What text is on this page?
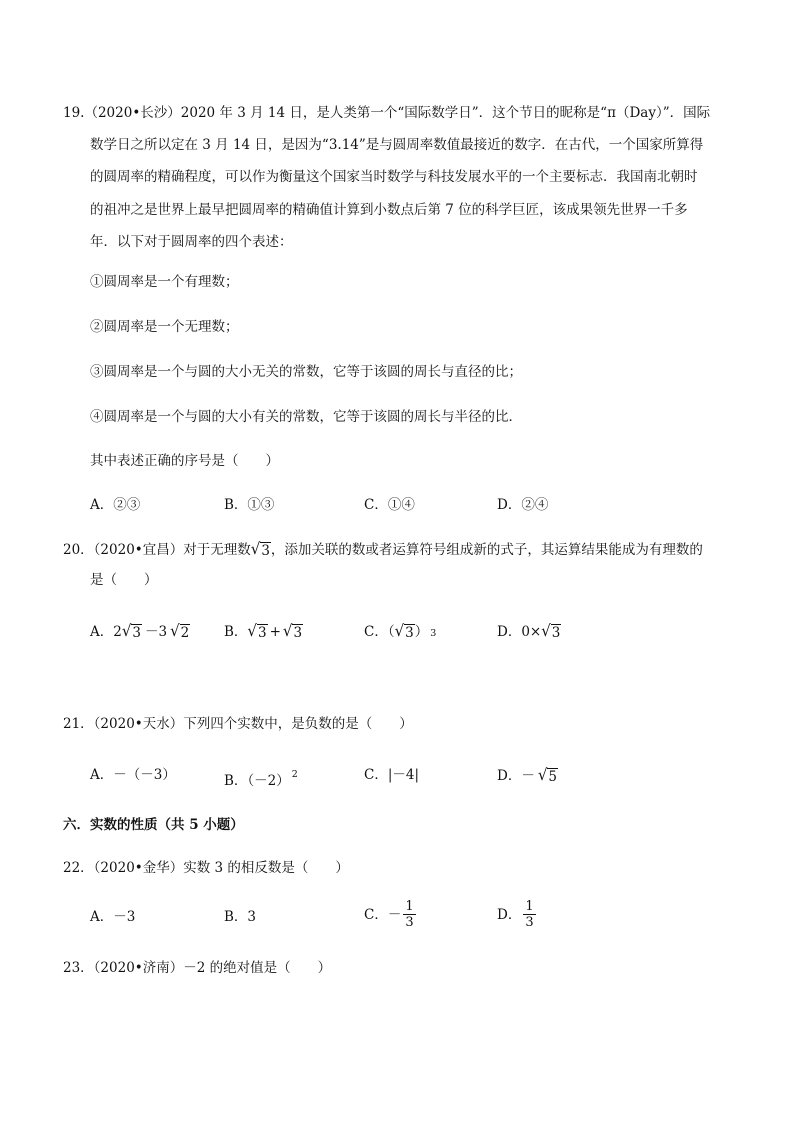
19.（2020•长沙）2020 年 3 月 14 日，是人类第一个“国际数学日”．这个节日的昵称是“π（Day）”．国际
数学日之所以定在 3 月 14 日，是因为“3.14”是与圆周率数值最接近的数字．在古代，一个国家所算得
的圆周率的精确程度，可以作为衡量这个国家当时数学与科技发展水平的一个主要标志．我国南北朝时
的祖冲之是世界上最早把圆周率的精确值计算到小数点后第 7 位的科学巨匠，该成果领先世界一千多
年．以下对于圆周率的四个表述：
①圆周率是一个有理数；
②圆周率是一个无理数；
③圆周率是一个与圆的大小无关的常数，它等于该圆的周长与直径的比；
④圆周率是一个与圆的大小有关的常数，它等于该圆的周长与半径的比．
其中表述正确的序号是（　　）
A．②③	B．①③	C．①④	D．②④
20．（2020•宜昌）对于无理数 √ 3 ，添加关联的数或者运算符号组成新的式子，其运算结果能成为有理数的
是（　　）
A． 2 √ 3 －3 √ 2	B． √ 3 + √ 3	C．（ √ 3 ） 3	D．0× √ 3
21．（2020•天水）下列四个实数中，是负数的是（　　）
A．－（－3）	B．（－2） $^2$	C．|－4|	D．－ √ 5
六．实数的性质（共 5 小题）
22．（2020•金华）实数 3 的相反数是（　　）
A．－3	B．3	C．－ $\frac{1}{3}$	D． $\frac{1}{3}$
23．（2020•济南）－2 的绝对值是（　　）
